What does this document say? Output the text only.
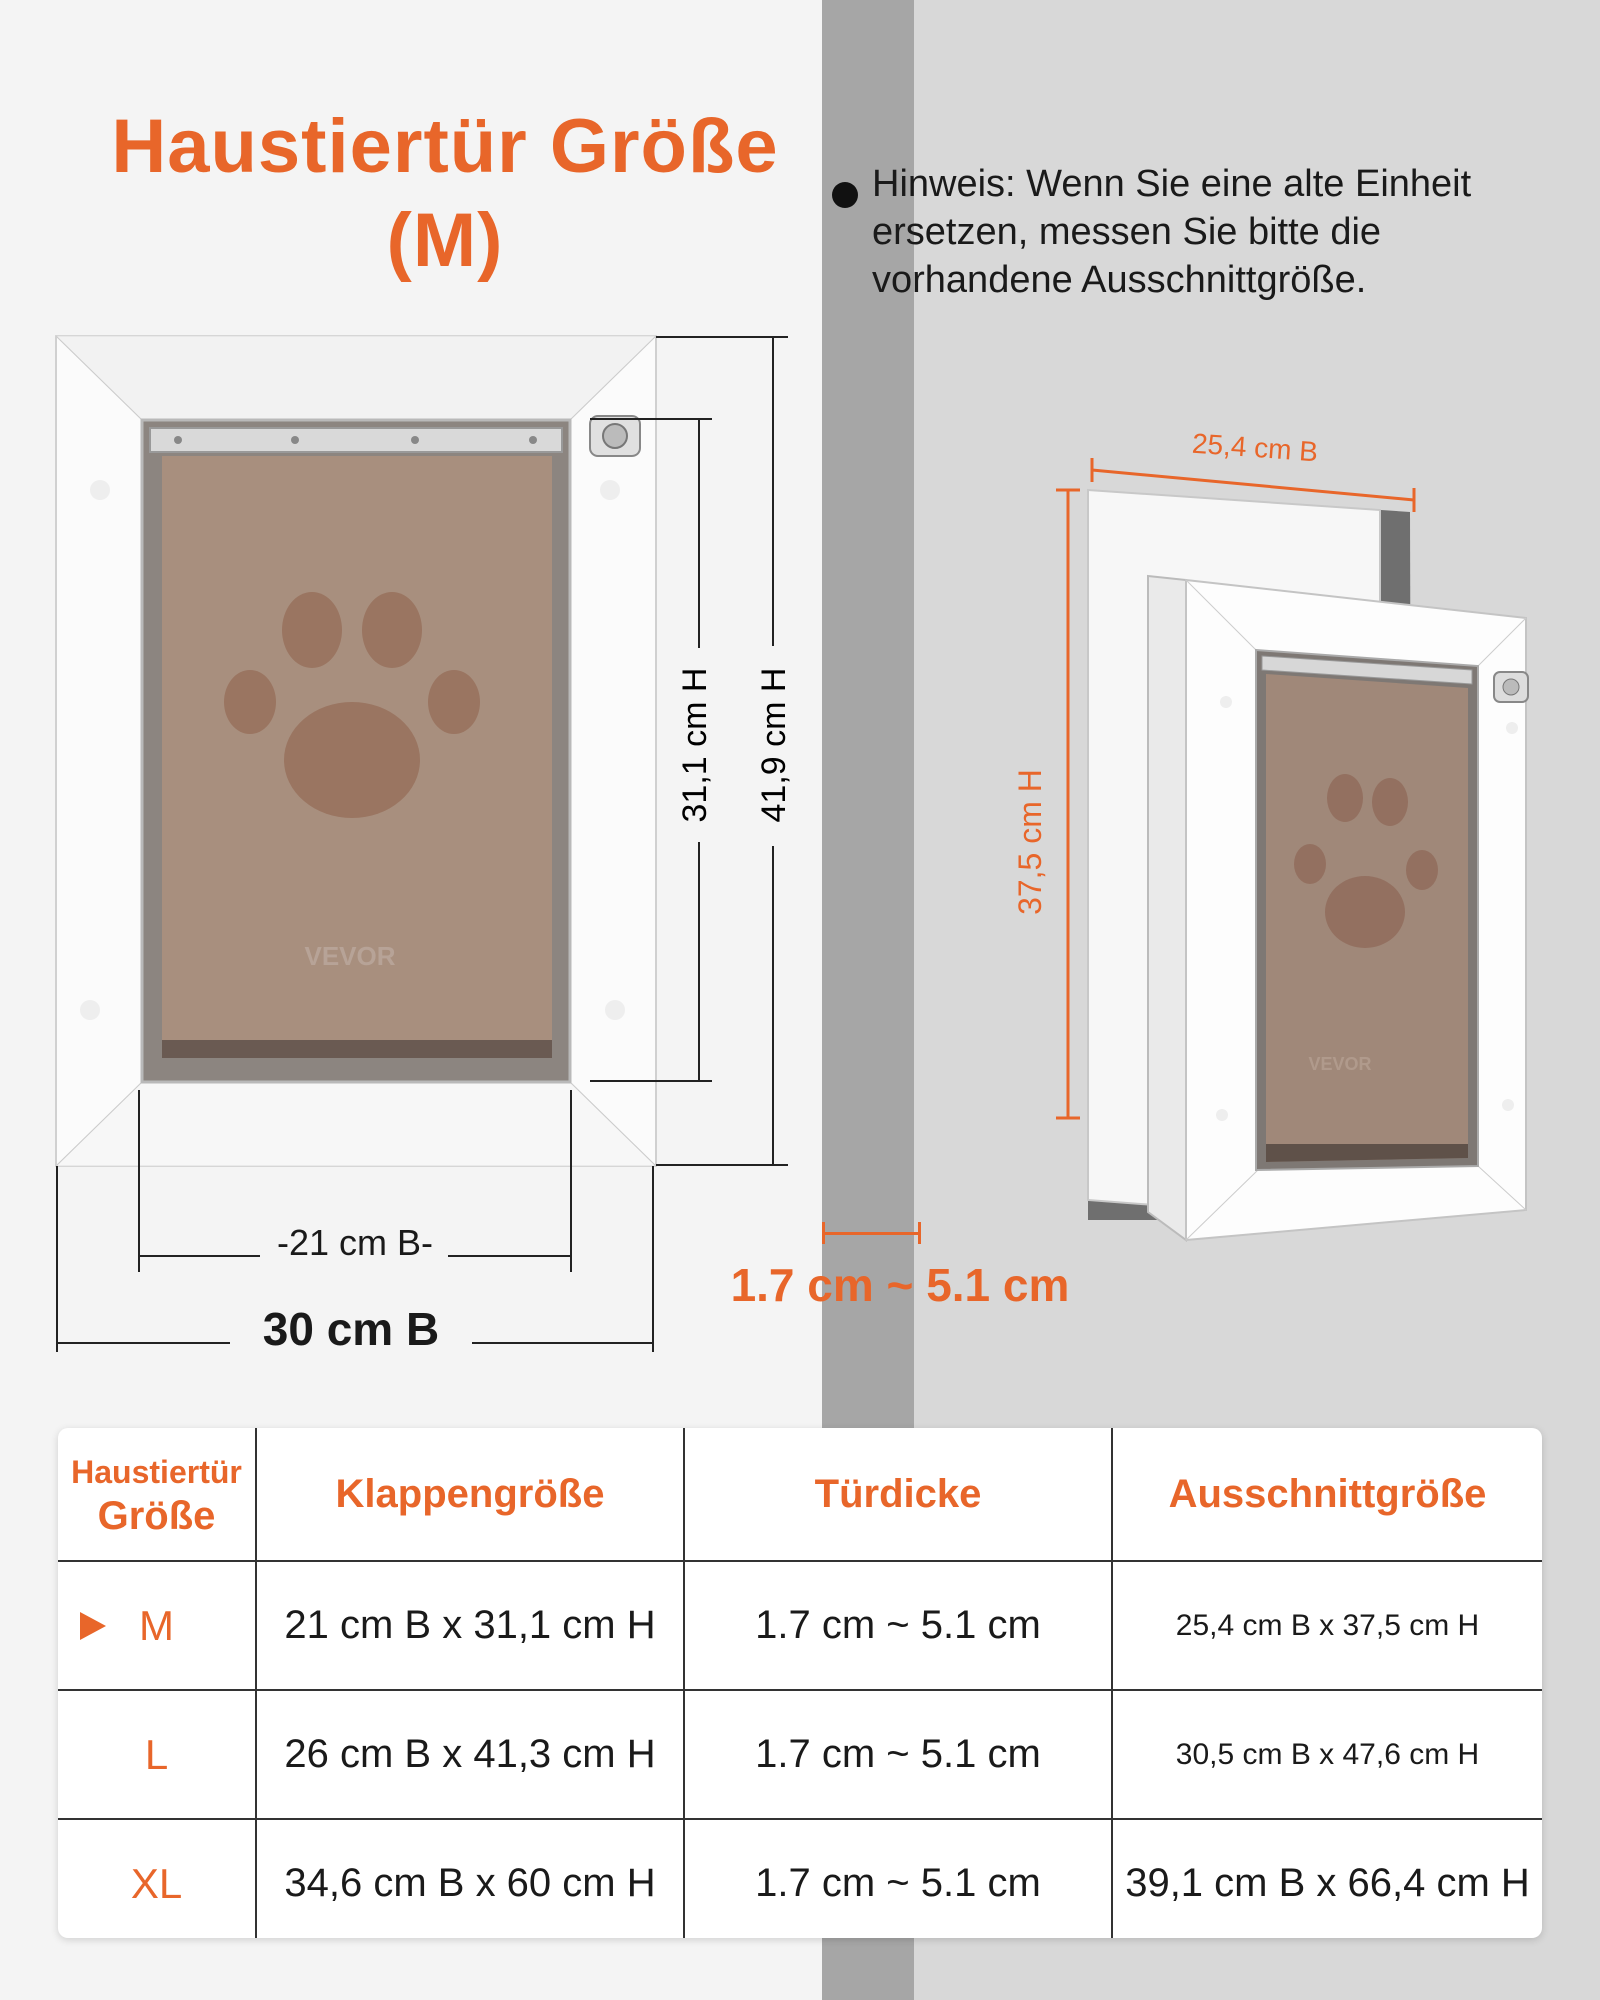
Haustiertür Größe
(M)
Hinweis: Wenn Sie eine alte Einheit ersetzen, messen Sie bitte die vorhandene Ausschnittgröße.
VEVOR
31,1 cm H 41,9 cm H
-21 cm B-
30 cm B
1.7 cm ~ 5.1 cm
VEVOR
25,4 cm B
37,5 cm H
Haustiertür
Größe	Klappengröße	Türdicke	Ausschnittgröße

M	21 cm B x 31,1 cm H	1.7 cm ~ 5.1 cm	25,4 cm B x 37,5 cm H
L	26 cm B x 41,3 cm H	1.7 cm ~ 5.1 cm	30,5 cm B x 47,6 cm H
XL	34,6 cm B x 60 cm H	1.7 cm ~ 5.1 cm	39,1 cm B x 66,4 cm H
